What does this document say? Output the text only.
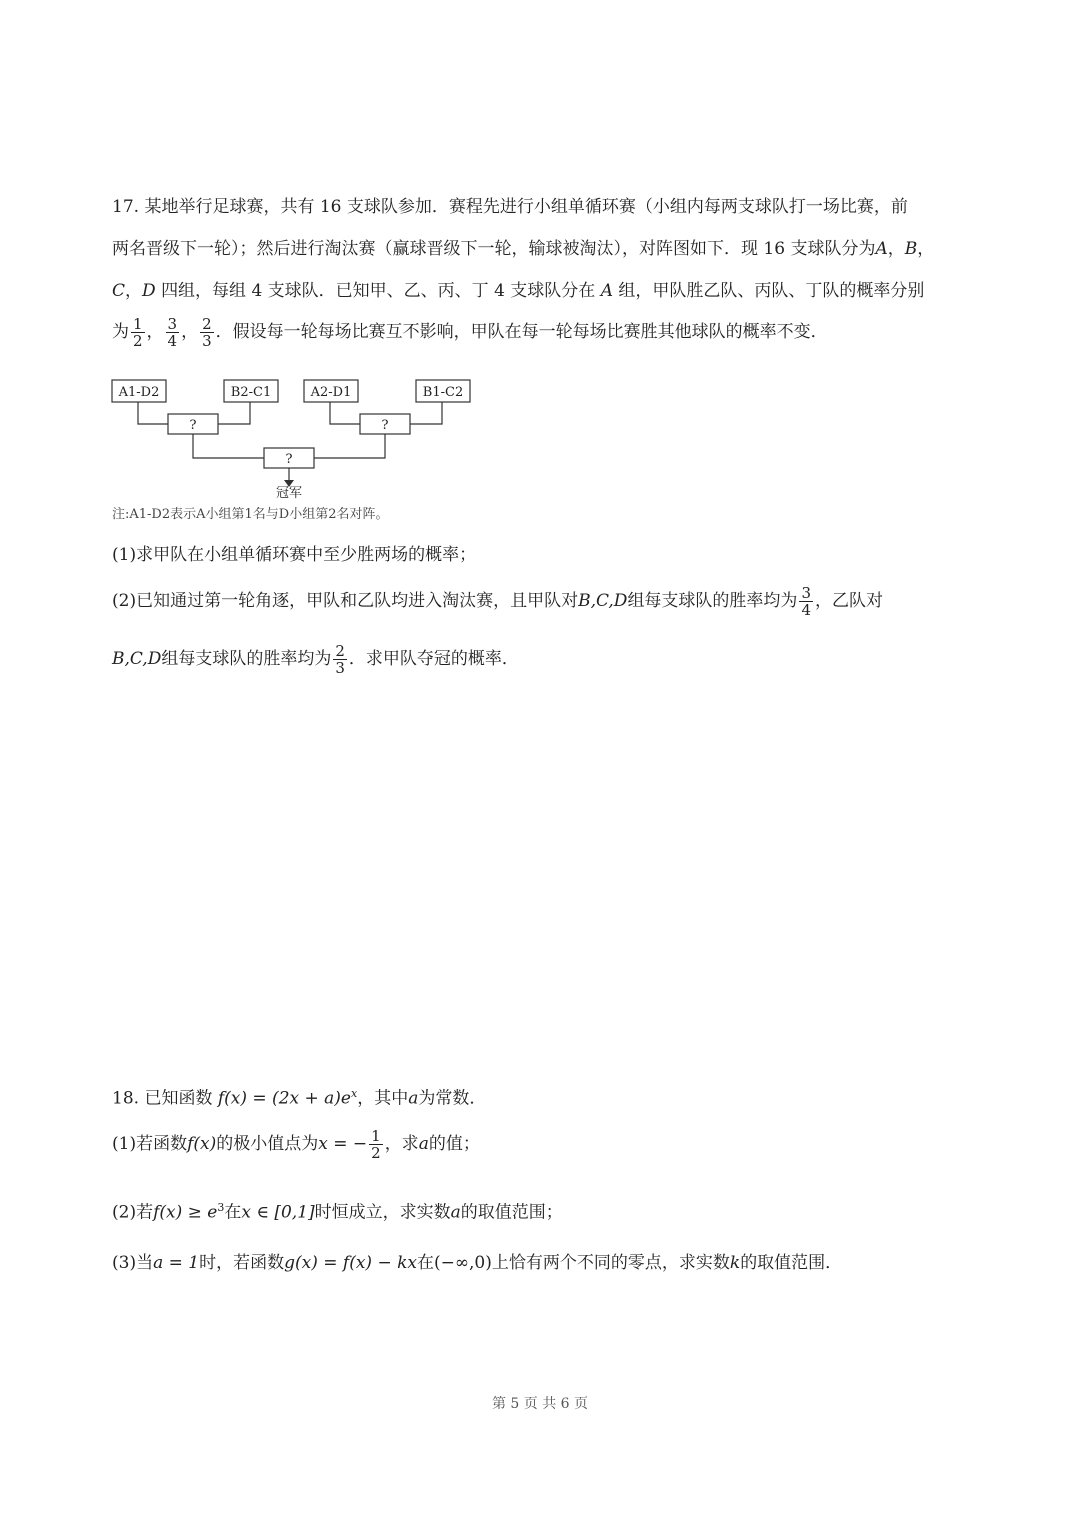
17. 某地举行足球赛，共有 16 支球队参加．赛程先进行小组单循环赛（小组内每两支球队打一场比赛，前
两名晋级下一轮）；然后进行淘汰赛（赢球晋级下一轮，输球被淘汰），对阵图如下．现 16 支球队分为A，B，
C，D 四组，每组 4 支球队．已知甲、乙、丙、丁 4 支球队分在 A 组，甲队胜乙队、丙队、丁队的概率分别
为 $\frac{1}{2}$ ， $\frac{3}{4}$ ， $\frac{2}{3}$ ．假设每一轮每场比赛互不影响，甲队在每一轮每场比赛胜其他球队的概率不变．
A1-D2	B2-C1	A2-D1	B1-C2
?	?
?
冠军
注:A1-D2表示A小组第1名与D小组第2名对阵。
(1)求甲队在小组单循环赛中至少胜两场的概率；
(2)已知通过第一轮角逐，甲队和乙队均进入淘汰赛，且甲队对B,C,D组每支球队的胜率均为 $\frac{3}{4}$ ，乙队对
B,C,D组每支球队的胜率均为 $\frac{2}{3}$ ．求甲队夺冠的概率．
18. 已知函数 $f(x) = (2x + a)e^x$，其中a为常数．
(1)若函数f(x)的极小值点为x = − $\frac{1}{2}$ ，求a的值；
(2)若$f(x) \ge e^3$在x ∈ [0,1]时恒成立，求实数a的取值范围；
(3)当a = 1时，若函数g(x) = f(x) − kx在(−∞,0)上恰有两个不同的零点，求实数k的取值范围．
第 5 页 共 6 页
